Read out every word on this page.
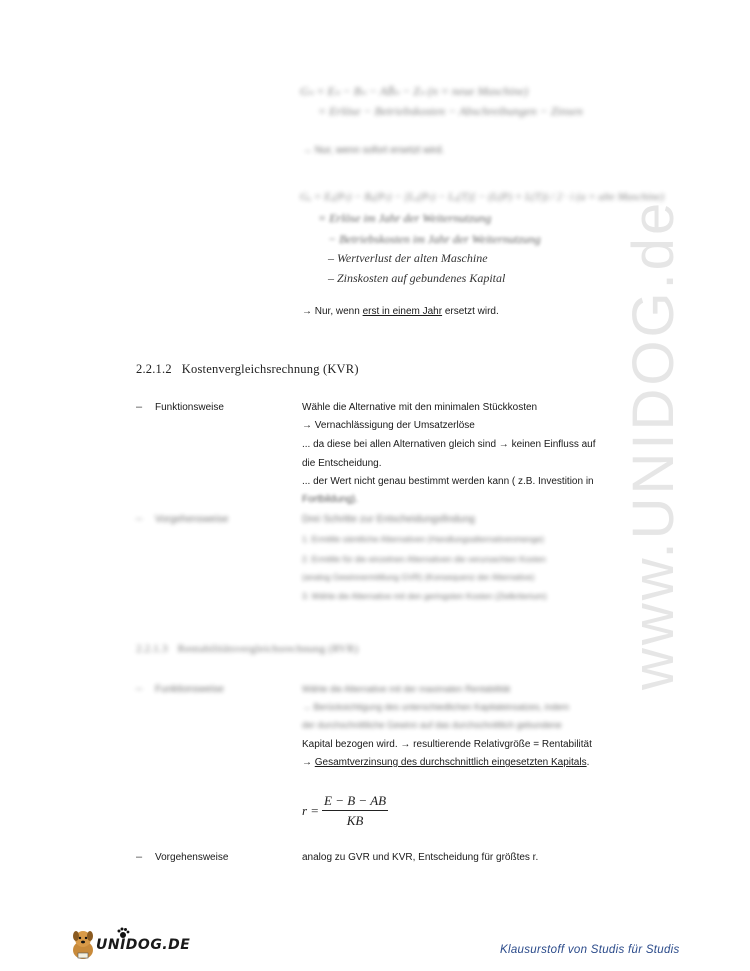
www.UNIDOG.de
Gₙ = Eₙ − Bₙ − AB̄ₙ − Zₙ (n = neue Maschine)
= Erlöse − Betriebskosten − Abschreibungen − Zinsen
→ Nur, wenn sofort ersetzt wird.
Gₐ = Eₐ(Pₜ) − Bₐ(Pₜ) − [Lₐ(Pₜ) − Lₐ(T)] − (L(P) + L(T)) / 2 · i (a = alte Maschine)
= Erlöse im Jahr der Weiternutzung
− Betriebskosten im Jahr der Weiternutzung
– Wertverlust der alten Maschine
– Zinskosten auf gebundenes Kapital
→ Nur, wenn erst in einem Jahr ersetzt wird.
2.2.1.2 Kostenvergleichsrechnung (KVR)
– Funktionsweise	Wähle die Alternative mit den minimalen Stückkosten
→ Vernachlässigung der Umsatzerlöse
... da diese bei allen Alternativen gleich sind → keinen Einfluss auf
die Entscheidung.
... der Wert nicht genau bestimmt werden kann ( z.B. Investition in
Fortbildung).
– Vorgehensweise	Drei Schritte zur Entscheidungsfindung
1. Ermittle sämtliche Alternativen (Handlungsalternativenmenge)
2. Ermittle für die einzelnen Alternativen die verursachten Kosten
(analog Gewinnermittlung GVR) (Konsequenz der Alternative)
3. Wähle die Alternative mit den geringsten Kosten (Zielkriterium)
2.2.1.3 Rentabilitätsvergleichsrechnung (RVR)
– Funktionsweise	Wähle die Alternative mit der maximalen Rentabilität
→ Berücksichtigung des unterschiedlichen Kapitaleinsatzes, indem
der durchschnittliche Gewinn auf das durchschnittlich gebundene
Kapital bezogen wird. → resultierende Relativgröße = Rentabilität
→ Gesamtverzinsung des durchschnittlich eingesetzten Kapitals.
r =
E − B − AB
KB
– Vorgehensweise	analog zu GVR und KVR, Entscheidung für größtes r.
UNIDOG.DE	Klausurstoff von Studis für Studis
